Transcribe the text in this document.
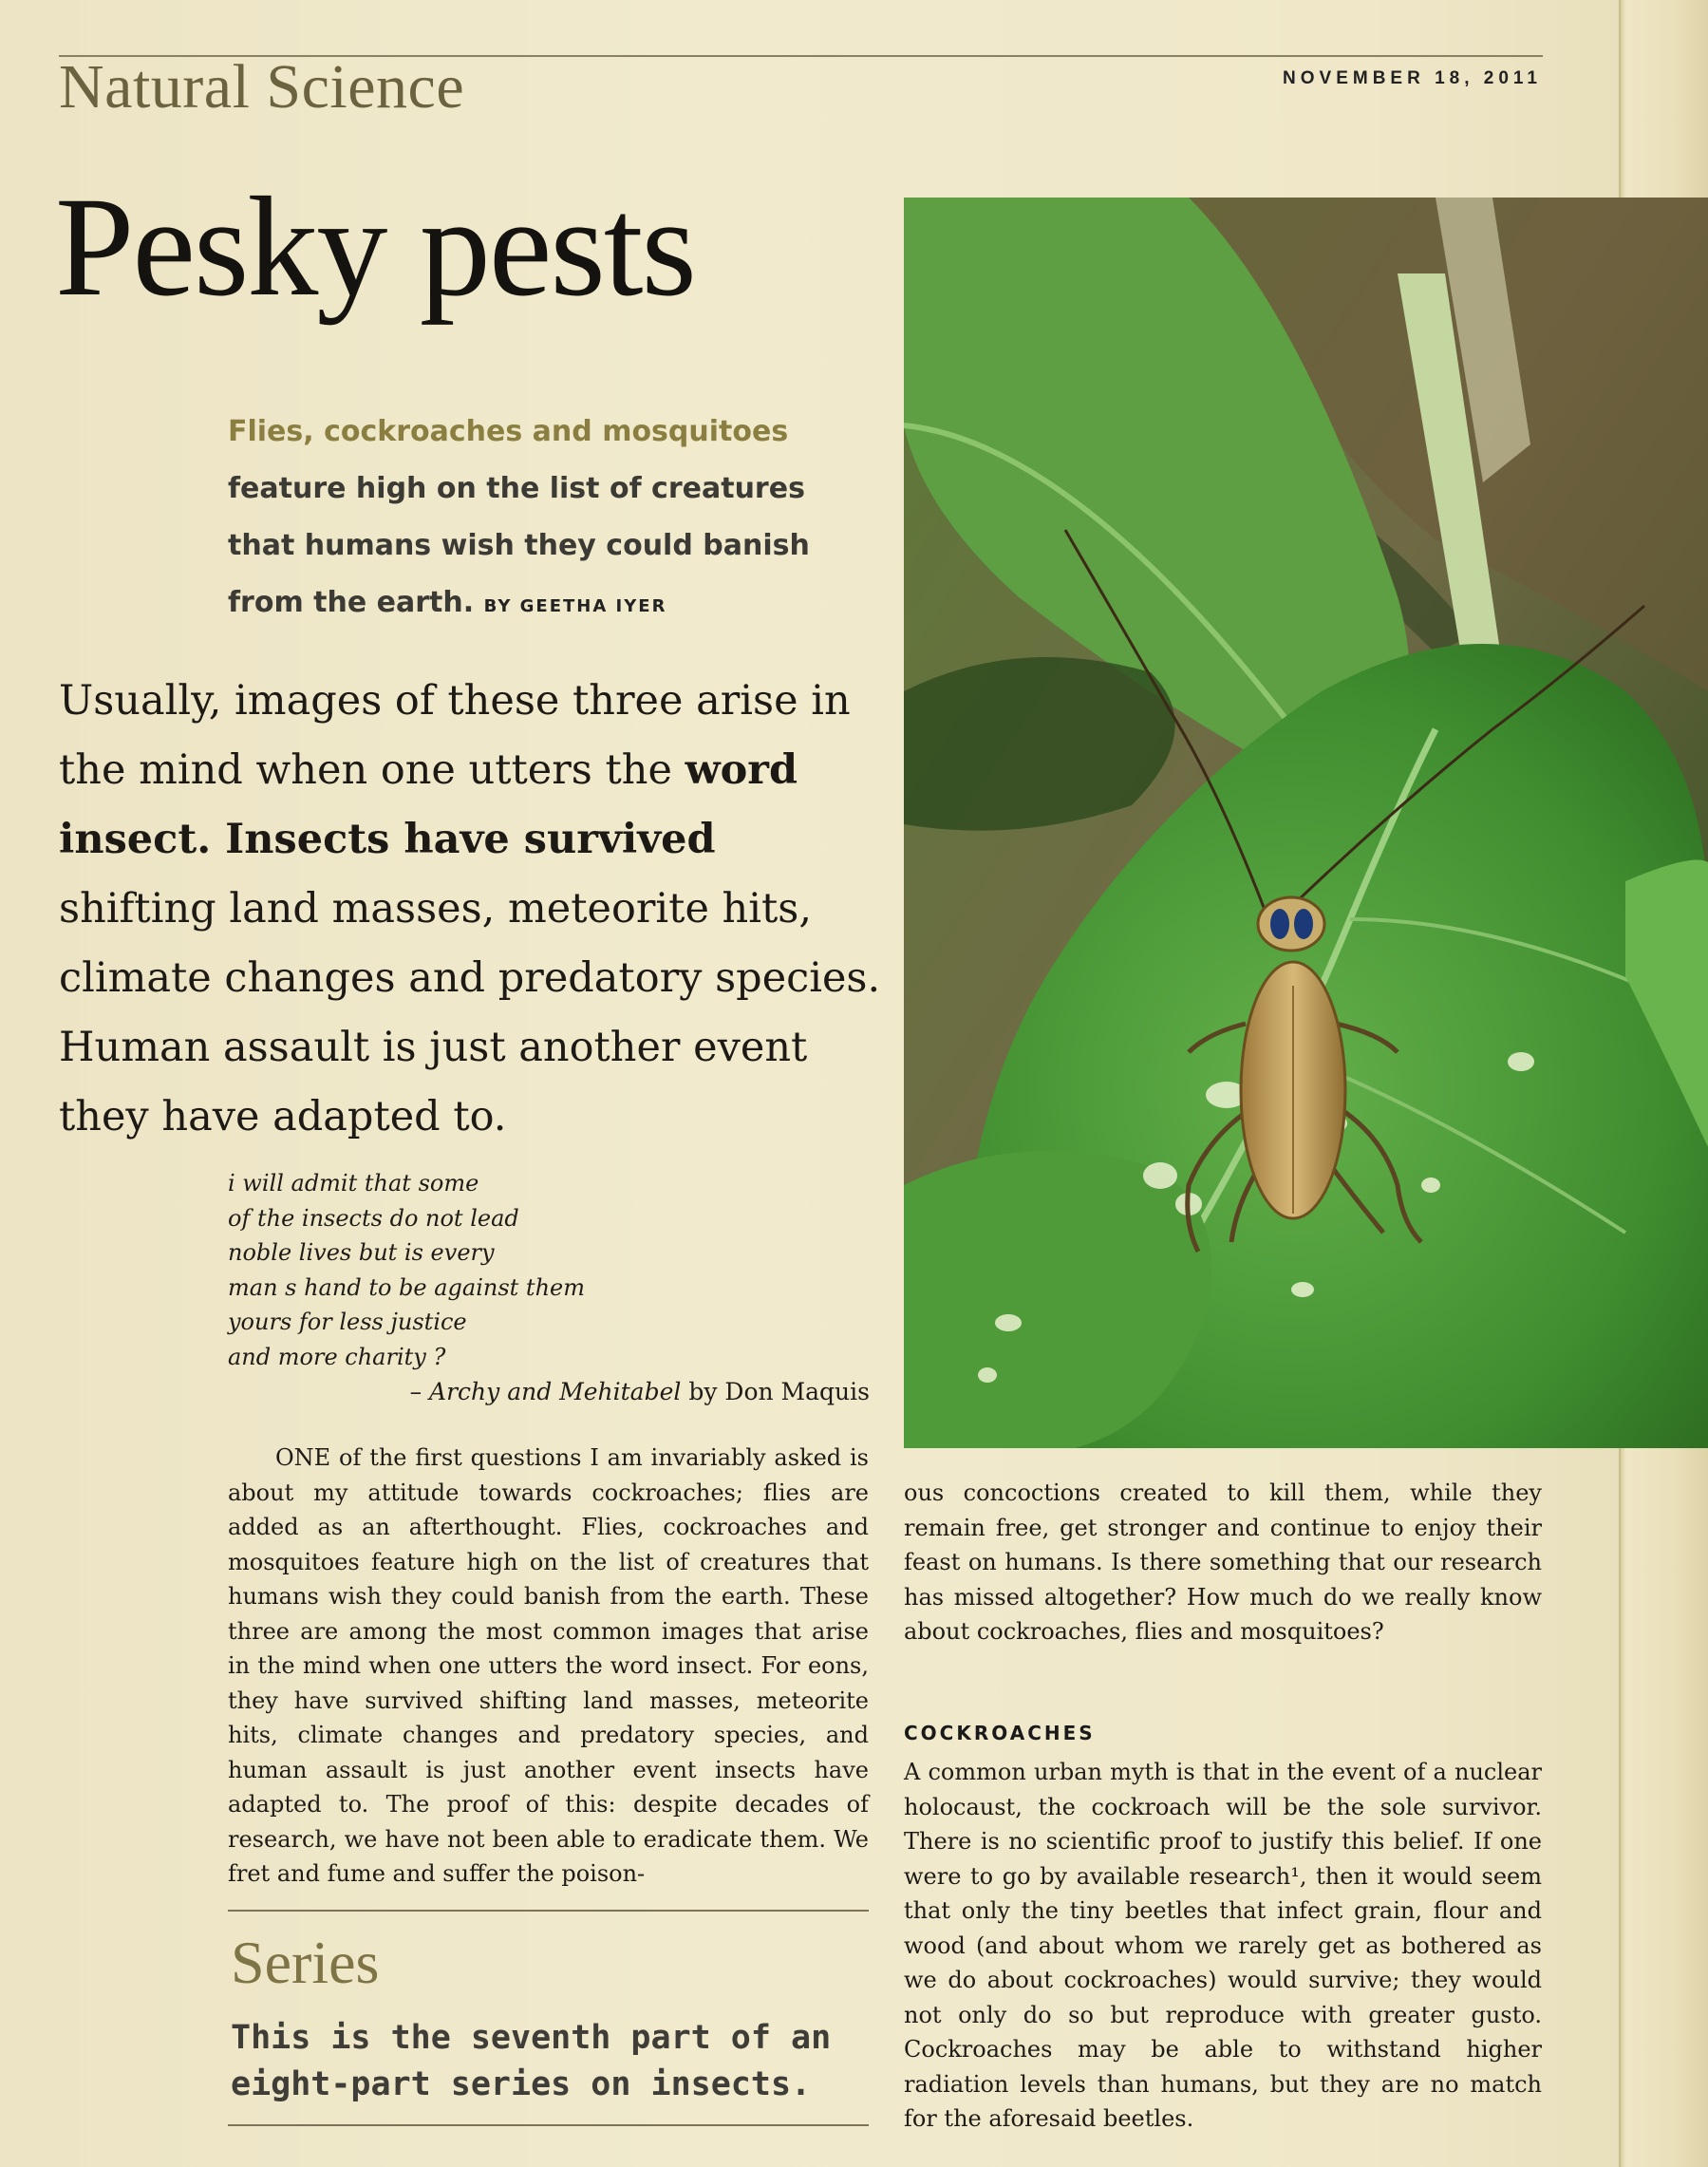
Natural Science	NOVEMBER 18, 2011
Pesky pests
Flies, cockroaches and mosquitoes
feature high on the list of creatures
that humans wish they could banish
from the earth. BY GEETHA IYER
Usually, images of these three arise in the mind when one utters the word insect. Insects have survived shifting land masses, meteorite hits, climate changes and predatory species. Human assault is just another event they have adapted to.
i will admit that some
of the insects do not lead
noble lives but is every
man s hand to be against them
yours for less justice
and more charity ?
– Archy and Mehitabel by Don Maquis

ONE of the first questions I am invariably asked is about my attitude towards cockroaches; flies are added as an afterthought. Flies, cockroaches and mosquitoes feature high on the list of creatures that humans wish they could banish from the earth. These three are among the most common images that arise in the mind when one utters the word insect. For eons, they have survived shifting land masses, meteorite hits, climate changes and predatory species, and human assault is just another event insects have adapted to. The proof of this: despite decades of research, we have not been able to eradicate them. We fret and fume and suffer the poison-

ous concoctions created to kill them, while they remain free, get stronger and continue to enjoy their feast on humans. Is there something that our research has missed altogether? How much do we really know about cockroaches, flies and mosquitoes?

COCKROACHES

A common urban myth is that in the event of a nuclear holocaust, the cockroach will be the sole survivor. There is no scientific proof to justify this belief. If one were to go by available research¹, then it would seem that only the tiny beetles that infect grain, flour and wood (and about whom we rarely get as bothered as we do about cockroaches) would survive; they would not only do so but reproduce with greater gusto. Cockroaches may be able to withstand higher radiation levels than humans, but they are no match for the aforesaid beetles.

Series
This is the seventh part of an
eight-part series on insects.
